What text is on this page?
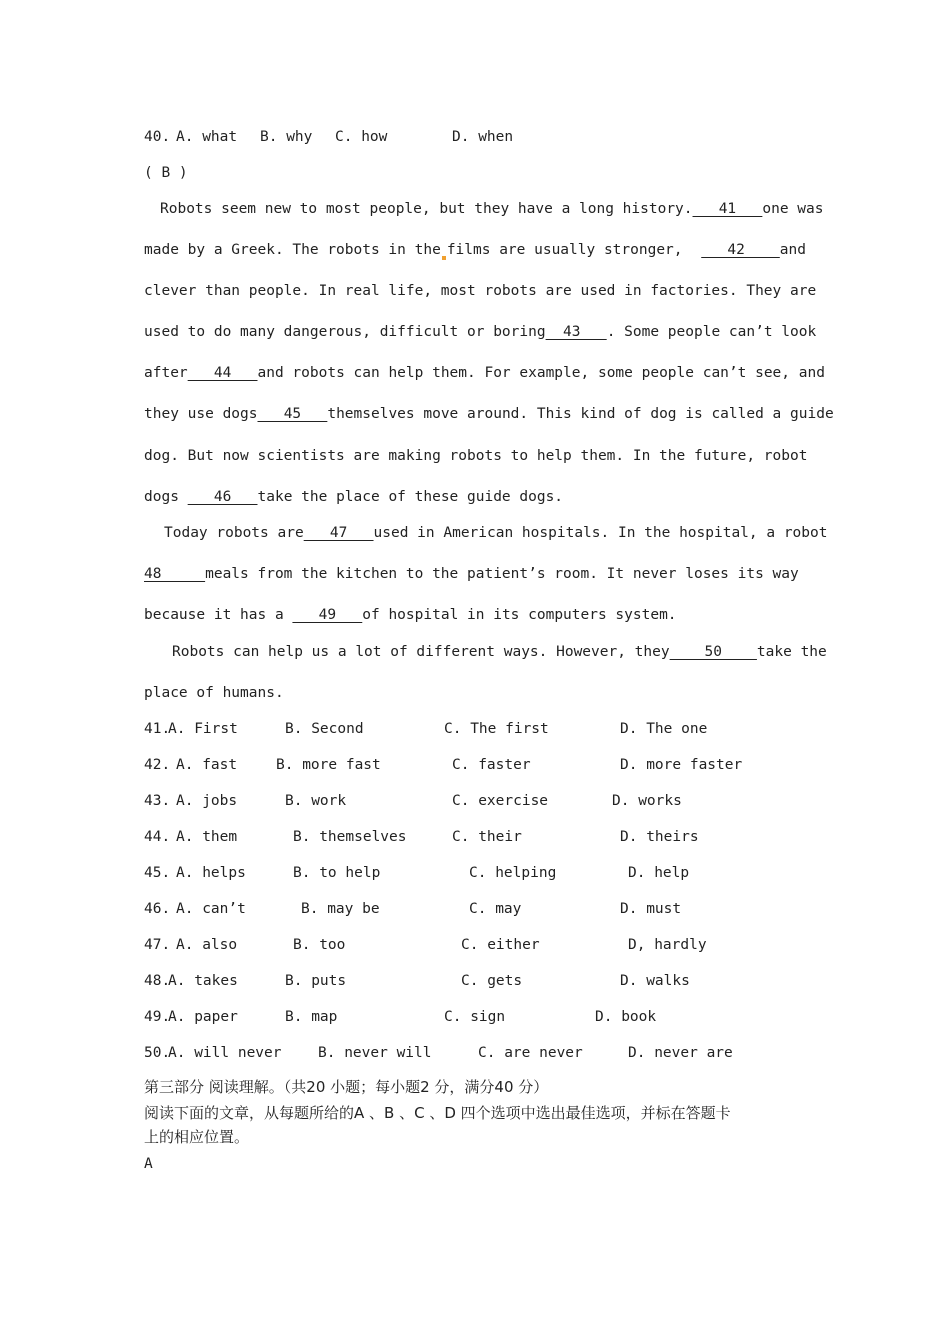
40. A. what B. why C. how	D. when
( B )
Robots seem new to most people, but they have a long history. 41   one was
made by a Greek. The robots in the films are usually stronger, 42    and
clever than people. In real life, most robots are used in factories. They are
used to do many dangerous, difficult or boring 43   . Some people can’t look
after   44   and robots can help them. For example, some people can’t see, and
they use dogs   45   themselves move around. This kind of dog is called a guide
dog. But now scientists are making robots to help them. In the future, robot
dogs    46   take the place of these guide dogs.
Today robots are   47   used in American hospitals. In the hospital, a robot
48     meals from the kitchen to the patient’s room. It never loses its way
because it has a    49   of hospital in its computers system.
Robots can help us a lot of different ways. However, they    50    take the
place of humans.
41.
A. First	B. Second	C. The first	D. The one
42. A. fast	B. more fast	C. faster	D. more faster
43. A. jobs	B. work	C. exercise	D. works
44. A. them	B. themselves	C. their	D. theirs
45. A. helps	B. to help	C. helping	D. help
46. A. can’t	B. may be	C. may	D. must
47. A. also	B. too	C. either	D, hardly
48.
A. takes	B. puts	C. gets	D. walks
49.
A. paper	B. map	C. sign	D. book
50.
A. will never	B. never will	C. are never	D. never are
第三部分 阅读理解。（共20 小题；每小题2 分，满分40 分）
阅读下面的文章，从每题所给的A 、B 、C 、D 四个选项中选出最佳选项，并标在答题卡
上的相应位置。
A
